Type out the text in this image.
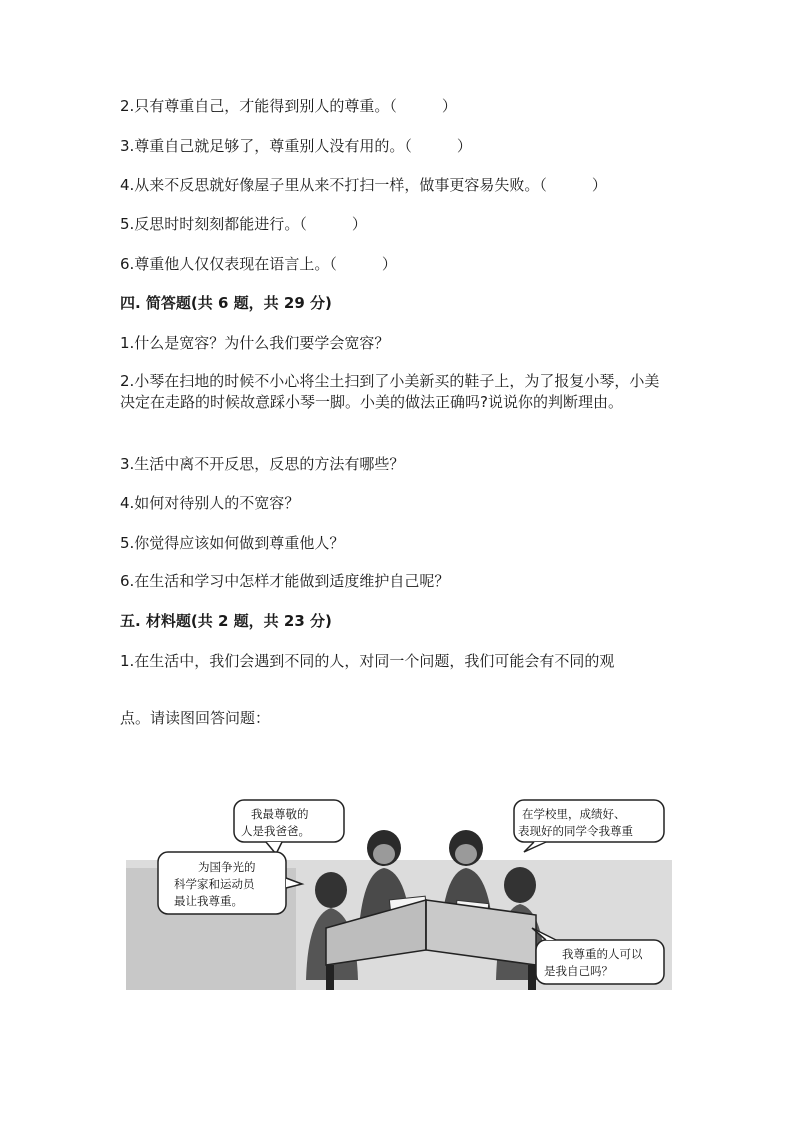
2.只有尊重自己，才能得到别人的尊重。（　　　）
3.尊重自己就足够了，尊重别人没有用的。（　　　）
4.从来不反思就好像屋子里从来不打扫一样，做事更容易失败。（　　　）
5.反思时时刻刻都能进行。（　　　）
6.尊重他人仅仅表现在语言上。（　　　）
四. 简答题(共 6 题，共 29 分)
1.什么是宽容？为什么我们要学会宽容？
2.小琴在扫地的时候不小心将尘土扫到了小美新买的鞋子上，为了报复小琴，小美决定在走路的时候故意踩小琴一脚。小美的做法正确吗?说说你的判断理由。
3.生活中离不开反思，反思的方法有哪些？
4.如何对待别人的不宽容？
5.你觉得应该如何做到尊重他人？
6.在生活和学习中怎样才能做到适度维护自己呢？
五. 材料题(共 2 题，共 23 分)
1.在生活中，我们会遇到不同的人，对同一个问题，我们可能会有不同的观
点。请读图回答问题：
我最尊敬的
人是我爸爸。
在学校里，成绩好、
表现好的同学令我尊重
为国争光的
科学家和运动员
最让我尊重。
我尊重的人可以
是我自己吗？
